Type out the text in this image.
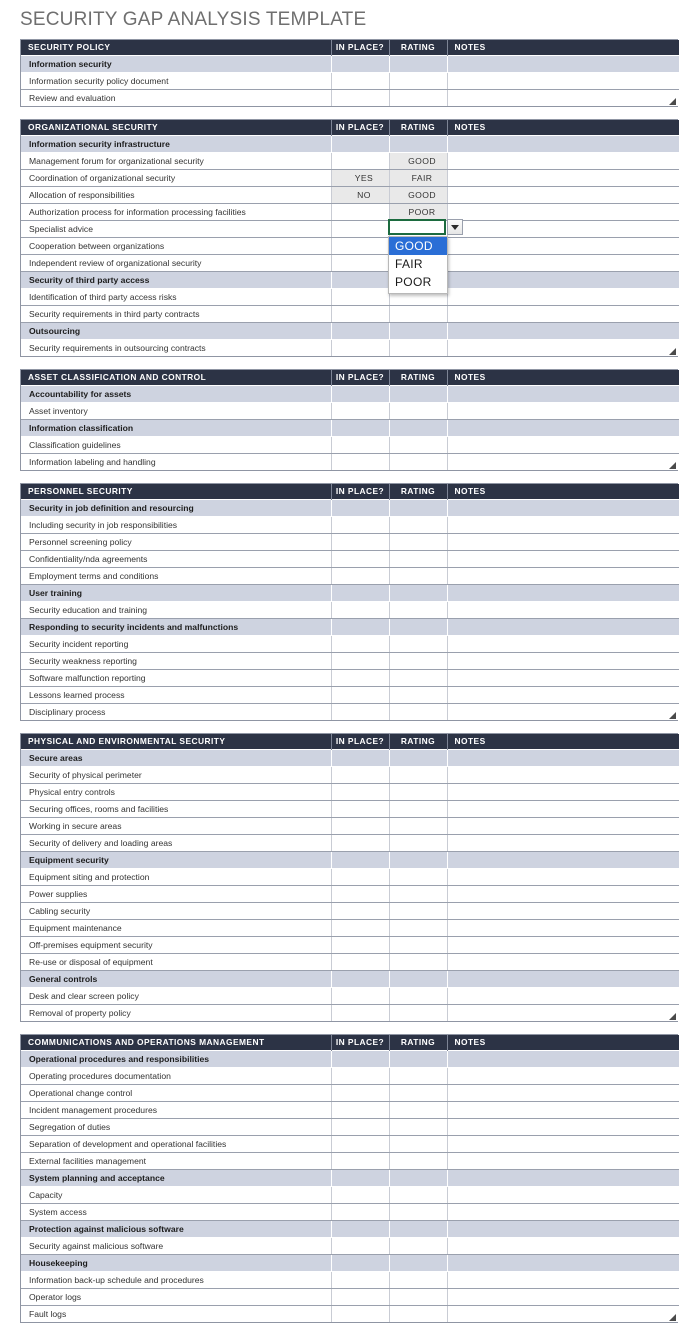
SECURITY GAP ANALYSIS TEMPLATE
SECURITY POLICY	IN PLACE?	RATING	NOTES
Information security			
Information security policy document			
Review and evaluation			
ORGANIZATIONAL SECURITY	IN PLACE?	RATING	NOTES
Information security infrastructure			
Management forum for organizational security		GOOD	
Coordination of organizational security	YES	FAIR	
Allocation of responsibilities	NO	GOOD	
Authorization process for information processing facilities		POOR	
Specialist advice			
Cooperation between organizations			
Independent review of organizational security			
Security of third party access			
Identification of third party access risks			
Security requirements in third party contracts			
Outsourcing			
Security requirements in outsourcing contracts			
ASSET CLASSIFICATION AND CONTROL	IN PLACE?	RATING	NOTES
Accountability for assets			
Asset inventory			
Information classification			
Classification guidelines			
Information labeling and handling			
PERSONNEL SECURITY	IN PLACE?	RATING	NOTES
Security in job definition and resourcing			
Including security in job responsibilities			
Personnel screening policy			
Confidentiality/nda agreements			
Employment terms and conditions			
User training			
Security education and training			
Responding to security incidents and malfunctions			
Security incident reporting			
Security weakness reporting			
Software malfunction reporting			
Lessons learned process			
Disciplinary process			
PHYSICAL AND ENVIRONMENTAL SECURITY	IN PLACE?	RATING	NOTES
Secure areas			
Security of physical perimeter			
Physical entry controls			
Securing offices, rooms and facilities			
Working in secure areas			
Security of delivery and loading areas			
Equipment security			
Equipment siting and protection			
Power supplies			
Cabling security			
Equipment maintenance			
Off-premises equipment security			
Re-use or disposal of equipment			
General controls			
Desk and clear screen policy			
Removal of property policy			
COMMUNICATIONS AND OPERATIONS MANAGEMENT	IN PLACE?	RATING	NOTES
Operational procedures and responsibilities			
Operating procedures documentation			
Operational change control			
Incident management procedures			
Segregation of duties			
Separation of development and operational facilities			
External facilities management			
System planning and acceptance			
Capacity			
System access			
Protection against malicious software			
Security against malicious software			
Housekeeping			
Information back-up schedule and procedures			
Operator logs			
Fault logs			
GOOD
FAIR
POOR
